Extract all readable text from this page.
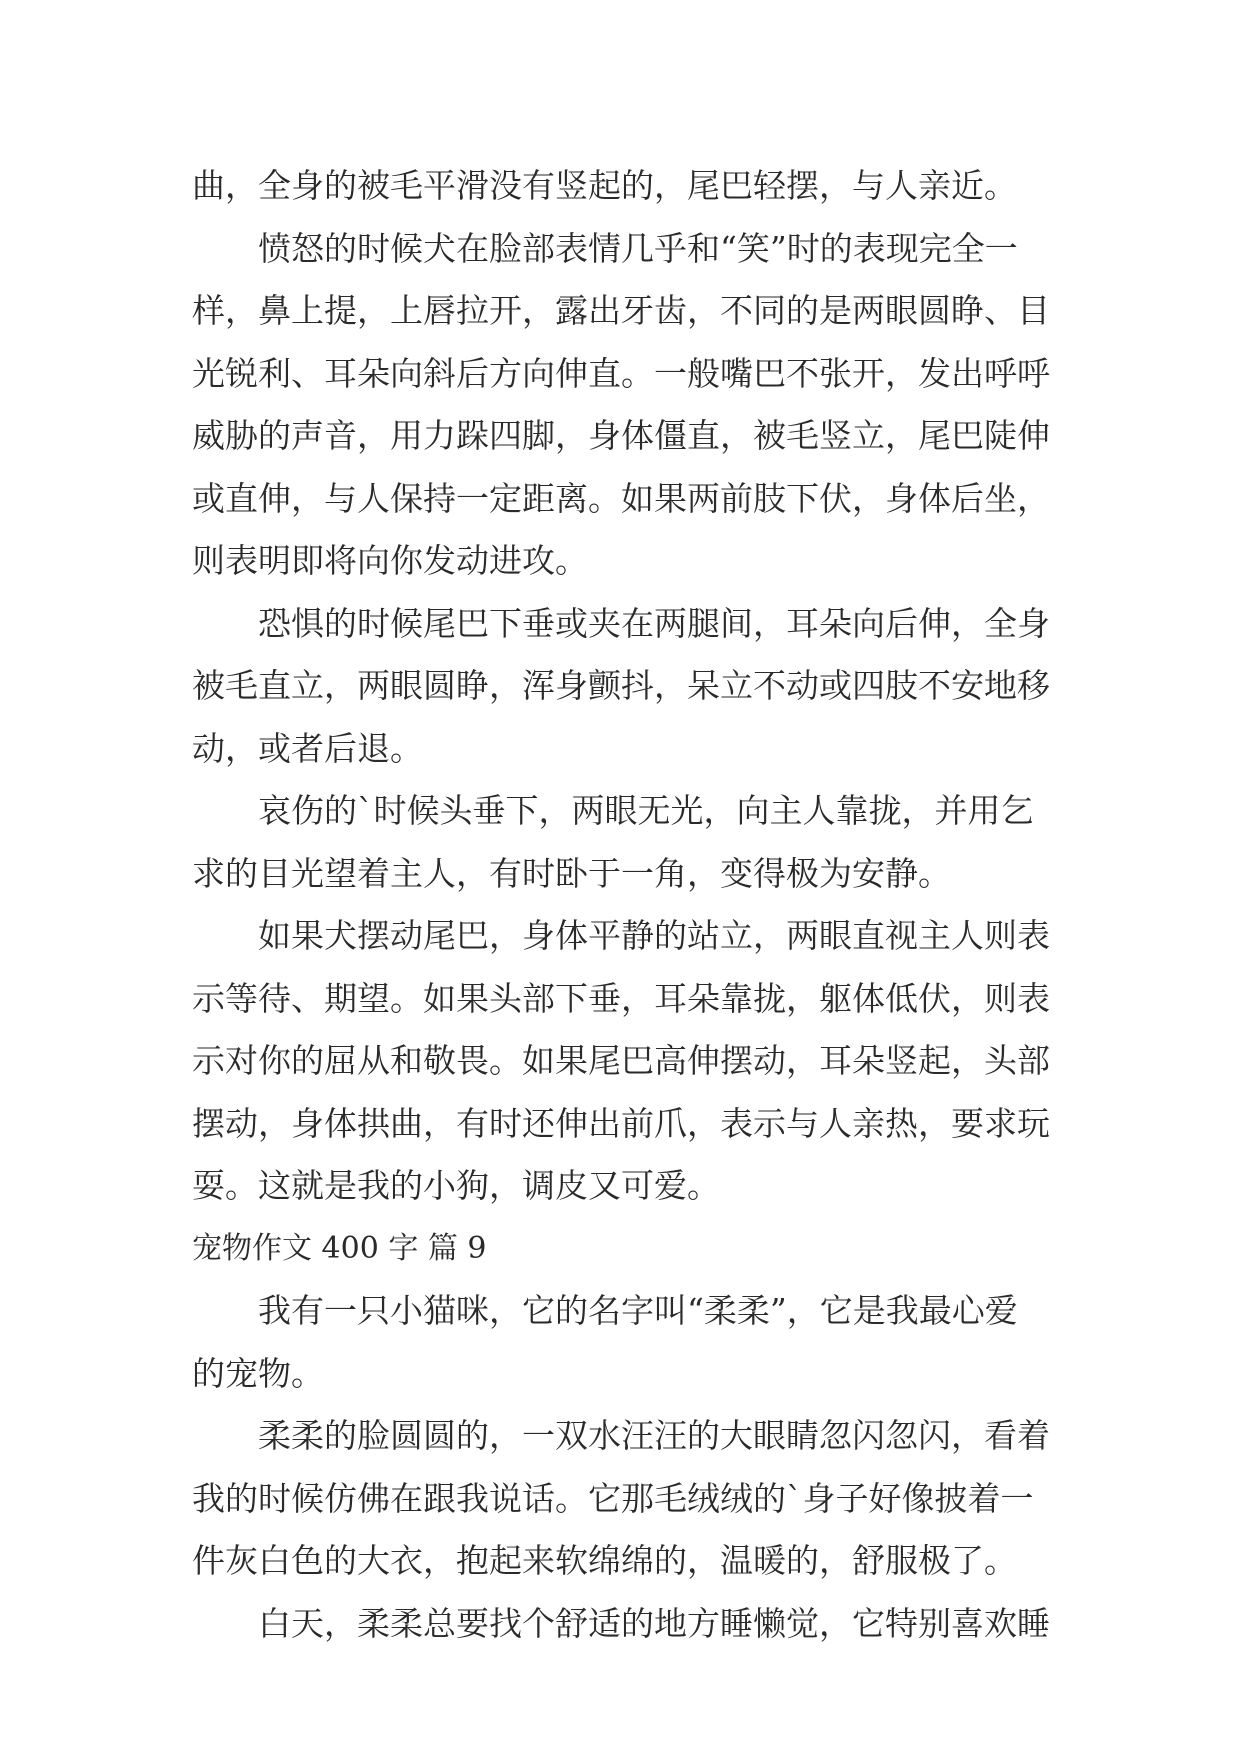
曲，全身的被毛平滑没有竖起的，尾巴轻摆，与人亲近。
愤怒的时候犬在脸部表情几乎和“笑”时的表现完全一
样，鼻上提，上唇拉开，露出牙齿，不同的是两眼圆睁、目
光锐利、耳朵向斜后方向伸直。一般嘴巴不张开，发出呼呼
威胁的声音，用力跺四脚，身体僵直，被毛竖立，尾巴陡伸
或直伸，与人保持一定距离。如果两前肢下伏，身体后坐，
则表明即将向你发动进攻。
恐惧的时候尾巴下垂或夹在两腿间，耳朵向后伸，全身
被毛直立，两眼圆睁，浑身颤抖，呆立不动或四肢不安地移
动，或者后退。
哀伤的`时候头垂下，两眼无光，向主人靠拢，并用乞
求的目光望着主人，有时卧于一角，变得极为安静。
如果犬摆动尾巴，身体平静的站立，两眼直视主人则表
示等待、期望。如果头部下垂，耳朵靠拢，躯体低伏，则表
示对你的屈从和敬畏。如果尾巴高伸摆动，耳朵竖起，头部
摆动，身体拱曲，有时还伸出前爪，表示与人亲热，要求玩
耍。这就是我的小狗，调皮又可爱。
宠物作文 400 字 篇 9
我有一只小猫咪，它的名字叫“柔柔”，它是我最心爱
的宠物。
柔柔的脸圆圆的，一双水汪汪的大眼睛忽闪忽闪，看着
我的时候仿佛在跟我说话。它那毛绒绒的`身子好像披着一
件灰白色的大衣，抱起来软绵绵的，温暖的，舒服极了。
白天，柔柔总要找个舒适的地方睡懒觉，它特别喜欢睡
